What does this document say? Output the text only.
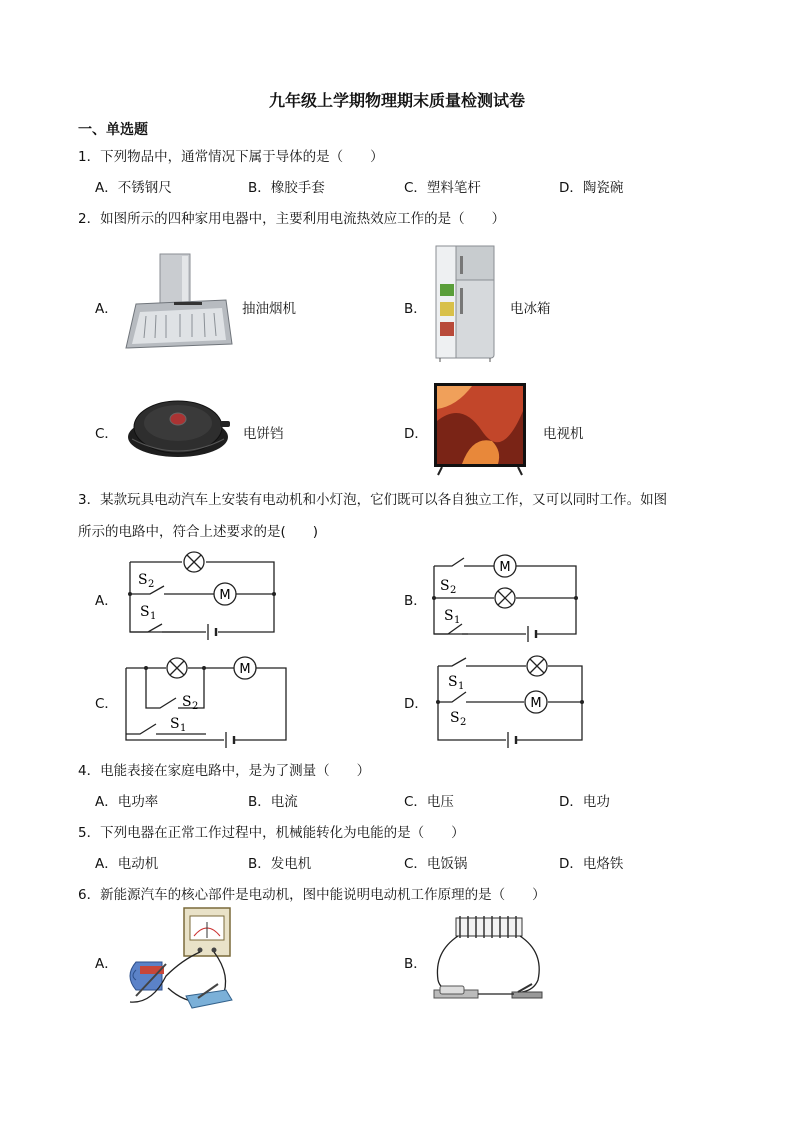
九年级上学期物理期末质量检测试卷
一、单选题
1．下列物品中，通常情况下属于导体的是（　　）
A．不锈钢尺	B．橡胶手套	C．塑料笔杆	D．陶瓷碗
2．如图所示的四种家用电器中，主要利用电流热效应工作的是（　　）
A．	抽油烟机	B．	电冰箱
C．	电饼铛	D．	电视机
3．某款玩具电动汽车上安装有电动机和小灯泡，它们既可以各自独立工作，又可以同时工作。如图
所示的电路中，符合上述要求的是(　　)
A．	M
S 2
S 1
B．
M
S 2
S 1
C．
M
S 2
S 1
D．	M
S 1
S 2
4．电能表接在家庭电路中，是为了测量（　　）
A．电功率	B．电流	C．电压	D．电功
5．下列电器在正常工作过程中，机械能转化为电能的是（　　）
A．电动机	B．发电机	C．电饭锅	D．电烙铁
6．新能源汽车的核心部件是电动机，图中能说明电动机工作原理的是（　　）
A．	B．
